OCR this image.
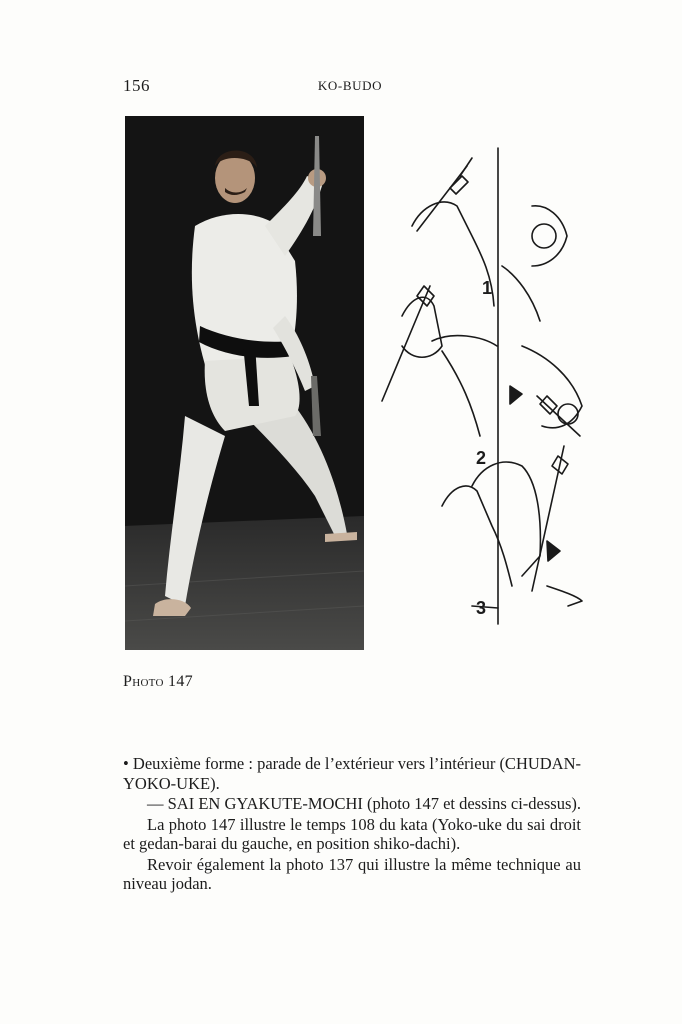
156	KO-BUDO
1
2
3
Photo 147

• Deuxième forme : parade de l’extérieur vers l’intérieur (CHUDAN-YOKO-UKE).

— SAI EN GYAKUTE-MOCHI (photo 147 et dessins ci-dessus).

La photo 147 illustre le temps 108 du kata (Yoko-uke du sai droit et gedan-barai du gauche, en position shiko-dachi).

Revoir également la photo 137 qui illustre la même technique au niveau jodan.
